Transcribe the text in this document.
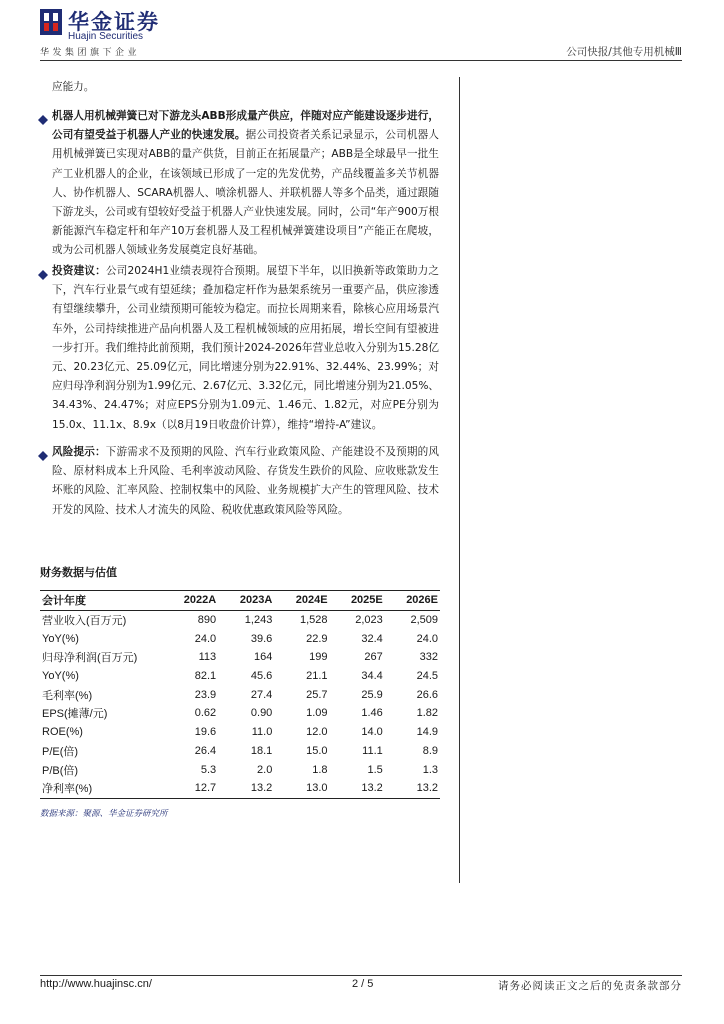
华金证券
Huajin Securities
华发集团旗下企业	公司快报/其他专用机械Ⅲ
应能力。
机器人用机械弹簧已对下游龙头ABB形成量产供应，伴随对应产能建设逐步进行，公司有望受益于机器人产业的快速发展。据公司投资者关系记录显示，公司机器人用机械弹簧已实现对ABB的量产供货，目前正在拓展量产；ABB是全球最早一批生产工业机器人的企业，在该领域已形成了一定的先发优势，产品线覆盖多关节机器人、协作机器人、SCARA机器人、喷涂机器人、并联机器人等多个品类，通过跟随下游龙头，公司或有望较好受益于机器人产业快速发展。同时，公司“年产900万根新能源汽车稳定杆和年产10万套机器人及工程机械弹簧建设项目”产能正在爬坡，或为公司机器人领域业务发展奠定良好基础。
投资建议：公司2024H1业绩表现符合预期。展望下半年，以旧换新等政策助力之下，汽车行业景气或有望延续；叠加稳定杆作为悬架系统另一重要产品，供应渗透有望继续攀升，公司业绩预期可能较为稳定。而拉长周期来看，除核心应用场景汽车外，公司持续推进产品向机器人及工程机械领域的应用拓展，增长空间有望被进一步打开。我们维持此前预期，我们预计2024-2026年营业总收入分别为15.28亿元、20.23亿元、25.09亿元，同比增速分别为22.91%、32.44%、23.99%；对应归母净利润分别为1.99亿元、2.67亿元、3.32亿元，同比增速分别为21.05%、34.43%、24.47%；对应EPS分别为1.09元、1.46元、1.82元，对应PE分别为15.0x、11.1x、8.9x（以8月19日收盘价计算），维持“增持-A”建议。
风险提示：下游需求不及预期的风险、汽车行业政策风险、产能建设不及预期的风险、原材料成本上升风险、毛利率波动风险、存货发生跌价的风险、应收账款发生坏账的风险、汇率风险、控制权集中的风险、业务规模扩大产生的管理风险、技术开发的风险、技术人才流失的风险、税收优惠政策风险等风险。
财务数据与估值
会计年度	2022A	2023A	2024E	2025E	2026E
营业收入(百万元)	890	1,243	1,528	2,023	2,509
YoY(%)	24.0	39.6	22.9	32.4	24.0
归母净利润(百万元)	113	164	199	267	332
YoY(%)	82.1	45.6	21.1	34.4	24.5
毛利率(%)	23.9	27.4	25.7	25.9	26.6
EPS(摊薄/元)	0.62	0.90	1.09	1.46	1.82
ROE(%)	19.6	11.0	12.0	14.0	14.9
P/E(倍)	26.4	18.1	15.0	11.1	8.9
P/B(倍)	5.3	2.0	1.8	1.5	1.3
净利率(%)	12.7	13.2	13.0	13.2	13.2
数据来源：聚源、华金证券研究所
http://www.huajinsc.cn/	2 / 5	请务必阅读正文之后的免责条款部分
